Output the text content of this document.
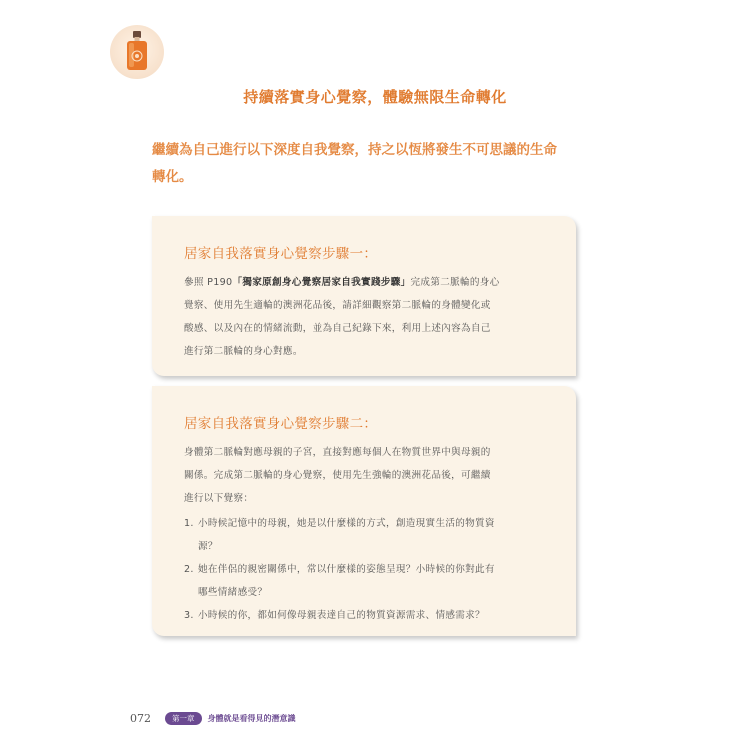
持續落實身心覺察，體驗無限生命轉化
繼續為自己進行以下深度自我覺察，持之以恆將發生不可思議的生命
轉化。
居家自我落實身心覺察步驟一：
參照 P190「獨家原創身心覺察居家自我實踐步驟」完成第二脈輪的身心
覺察、使用先生適輪的澳洲花品後，請詳細觀察第二脈輪的身體變化或
酸感、以及內在的情緒流動，並為自己紀錄下來，利用上述內容為自己
進行第二脈輪的身心對應。
居家自我落實身心覺察步驟二：
身體第二脈輪對應母親的子宮，直接對應每個人在物質世界中與母親的
關係。完成第二脈輪的身心覺察，使用先生強輪的澳洲花品後，可繼續
進行以下覺察：
1. 小時候記憶中的母親，她是以什麼樣的方式，創造現實生活的物質資
源？
2. 她在伴侶的親密關係中，常以什麼樣的姿態呈現？小時候的你對此有
哪些情緒感受？
3. 小時候的你，都如何像母親表達自己的物質資源需求、情感需求？
072	第一章	身體就是看得見的潛意識
